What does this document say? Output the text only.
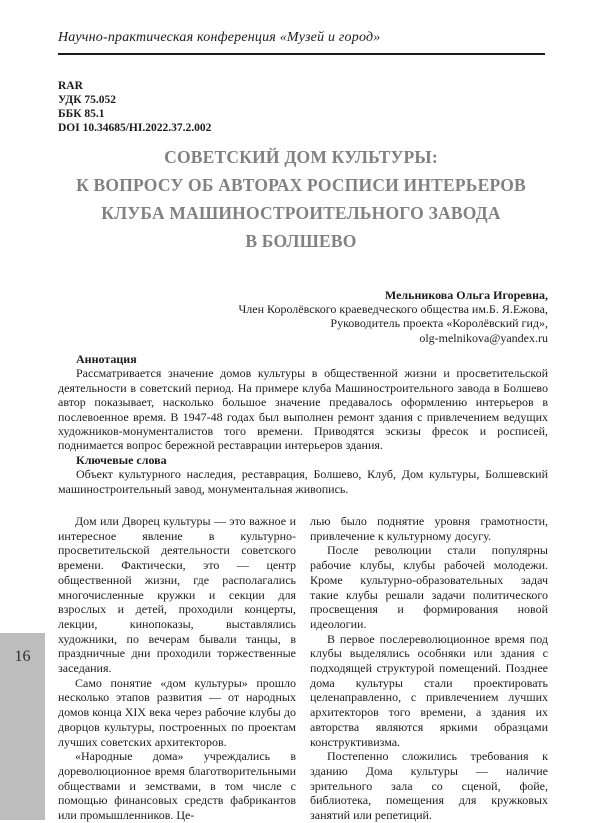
Научно-практическая конференция «Музей и город»
RAR
УДК 75.052
ББК 85.1
DOI 10.34685/HI.2022.37.2.002
СОВЕТСКИЙ ДОМ КУЛЬТУРЫ:
К ВОПРОСУ ОБ АВТОРАХ РОСПИСИ ИНТЕРЬЕРОВ
КЛУБА МАШИНОСТРОИТЕЛЬНОГО ЗАВОДА
В БОЛШЕВО
Мельникова Ольга Игоревна,
Член Королёвского краеведческого общества им.Б. Я.Ежова,
Руководитель проекта «Королёвский гид»,
olg-melnikova@yandex.ru
Аннотация

Рассматривается значение домов культуры в общественной жизни и просветительской деятельности в советский период. На примере клуба Машиностроительного завода в Болшево автор показывает, насколько большое значение предавалось оформлению интерьеров в послевоенное время. В 1947-48 годах был выполнен ремонт здания с привлечением ведущих художников-монументалистов того времени. Приводятся эскизы фресок и росписей, поднимается вопрос бережной реставрации интерьеров здания.

Ключевые слова

Объект культурного наследия, реставрация, Болшево, Клуб, Дом культуры, Болшевский машиностроительный завод, монументальная живопись.

Дом или Дворец культуры — это важное и интересное явление в культурно-просветительской деятельности советского времени. Фактически, это — центр общественной жизни, где располагались многочисленные кружки и секции для взрослых и детей, проходили концерты, лекции, кинопоказы, выставлялись художники, по вечерам бывали танцы, в праздничные дни проходили торжественные заседания.

Само понятие «дом культуры» прошло несколько этапов развития — от народных домов конца XIX века через рабочие клубы до дворцов культуры, построенных по проектам лучших советских архитекторов.

«Народные дома» учреждались в дореволюционное время благотворительными обществами и земствами, в том числе с помощью финансовых средств фабрикантов или промышленников. Це-

лью было поднятие уровня грамотности, привлечение к культурному досугу.

После революции стали популярны рабочие клубы, клубы рабочей молодежи. Кроме культурно-образовательных задач такие клубы решали задачи политического просвещения и формирования новой идеологии.

В первое послереволюционное время под клубы выделялись особняки или здания с подходящей структурой помещений. Позднее дома культуры стали проектировать целенаправленно, с привлечением лучших архитекторов того времени, а здания их авторства являются яркими образцами конструктивизма.

Постепенно сложились требования к зданию Дома культуры — наличие зрительного зала со сценой, фойе, библиотека, помещения для кружковых занятий или репетиций.

16
